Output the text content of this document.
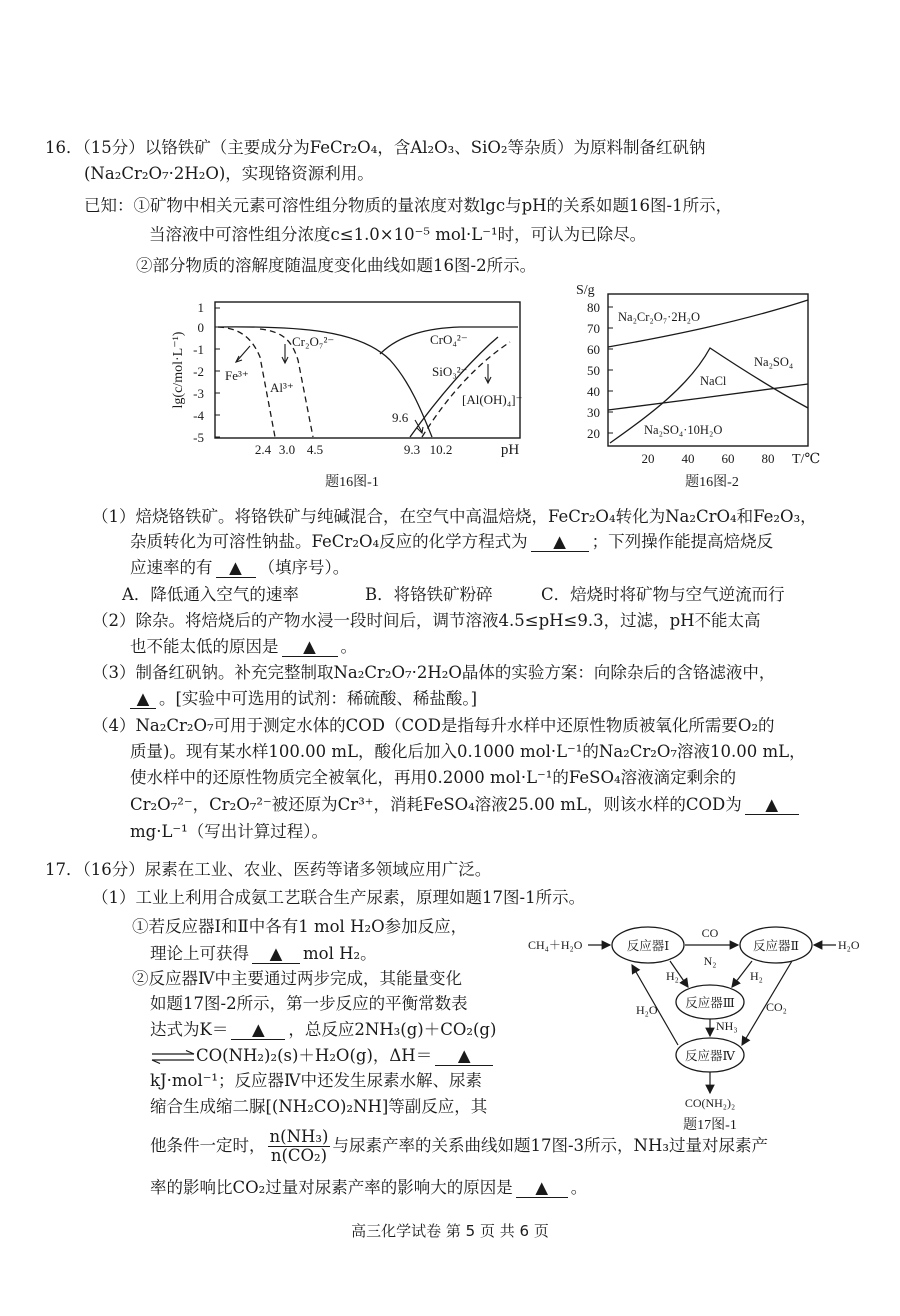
16．（15分）以铬铁矿（主要成分为FeCr₂O₄，含Al₂O₃、SiO₂等杂质）为原料制备红矾钠
(Na₂Cr₂O₇·2H₂O)，实现铬资源利用。
已知：①矿物中相关元素可溶性组分物质的量浓度对数lgc与pH的关系如题16图-1所示，
当溶液中可溶性组分浓度c≤1.0×10⁻⁵ mol·L⁻¹时，可认为已除尽。
②部分物质的溶解度随温度变化曲线如题16图-2所示。
1
0
-1
-2
-3
-4
-5
lg(c/mol·L⁻¹)
2.4 3.0 4.5	9.3 10.2	pH
Cr₂O₇²⁻	CrO₄²⁻
Fe³⁺
Al³⁺
SiO₃²⁻
[Al(OH)₄]⁻
9.6
题16图-1
S/g
80
70
60
50
40
30
20
20 40 60 80 T/℃
Na₂Cr₂O₇·2H₂O
Na₂SO₄
NaCl
Na₂SO₄·10H₂O
题16图-2
（1）焙烧铬铁矿。将铬铁矿与纯碱混合，在空气中高温焙烧，FeCr₂O₄转化为Na₂CrO₄和Fe₂O₃，
杂质转化为可溶性钠盐。FeCr₂O₄反应的化学方程式为 ▲ ；下列操作能提高焙烧反
应速率的有 ▲ （填序号）。
A．降低通入空气的速率	B．将铬铁矿粉碎	C．焙烧时将矿物与空气逆流而行
（2）除杂。将焙烧后的产物水浸一段时间后，调节溶液4.5≤pH≤9.3，过滤，pH不能太高
也不能太低的原因是 ▲ 。
（3）制备红矾钠。补充完整制取Na₂Cr₂O₇·2H₂O晶体的实验方案：向除杂后的含铬滤液中，
▲ 。[实验中可选用的试剂：稀硫酸、稀盐酸。]
（4）Na₂Cr₂O₇可用于测定水体的COD（COD是指每升水样中还原性物质被氧化所需要O₂的
质量)。现有某水样100.00 mL，酸化后加入0.1000 mol·L⁻¹的Na₂Cr₂O₇溶液10.00 mL，
使水样中的还原性物质完全被氧化，再用0.2000 mol·L⁻¹的FeSO₄溶液滴定剩余的
Cr₂O₇²⁻，Cr₂O₇²⁻被还原为Cr³⁺，消耗FeSO₄溶液25.00 mL，则该水样的COD为 ▲
mg·L⁻¹（写出计算过程）。
17．（16分）尿素在工业、农业、医药等诸多领域应用广泛。
（1）工业上利用合成氨工艺联合生产尿素，原理如题17图-1所示。
①若反应器Ⅰ和Ⅱ中各有1 mol H₂O参加反应，
理论上可获得 ▲ mol H₂。
②反应器Ⅳ中主要通过两步完成，其能量变化
如题17图-2所示，第一步反应的平衡常数表
达式为K＝ ▲ ，总反应2NH₃(g)＋CO₂(g)
⇌CO(NH₂)₂(s)＋H₂O(g)，ΔH＝ ▲
kJ·mol⁻¹；反应器Ⅳ中还发生尿素水解、尿素
缩合生成缩二脲[(NH₂CO)₂NH]等副反应，其
他条件一定时， $\frac{\text{n(NH₃)}}{\text{n(CO₂)}}$ 与尿素产率的关系曲线如题17图-3所示，NH₃过量对尿素产
率的影响比CO₂过量对尿素产率的影响大的原因是 ▲ 。
反应器Ⅰ	反应器Ⅱ
反应器Ⅲ
反应器Ⅳ
CH₄＋H₂O	H₂O
CO
N₂
H₂	H₂
NH₃
H₂O	CO₂
CO(NH₂)₂
题17图-1
高三化学试卷 第 5 页 共 6 页
